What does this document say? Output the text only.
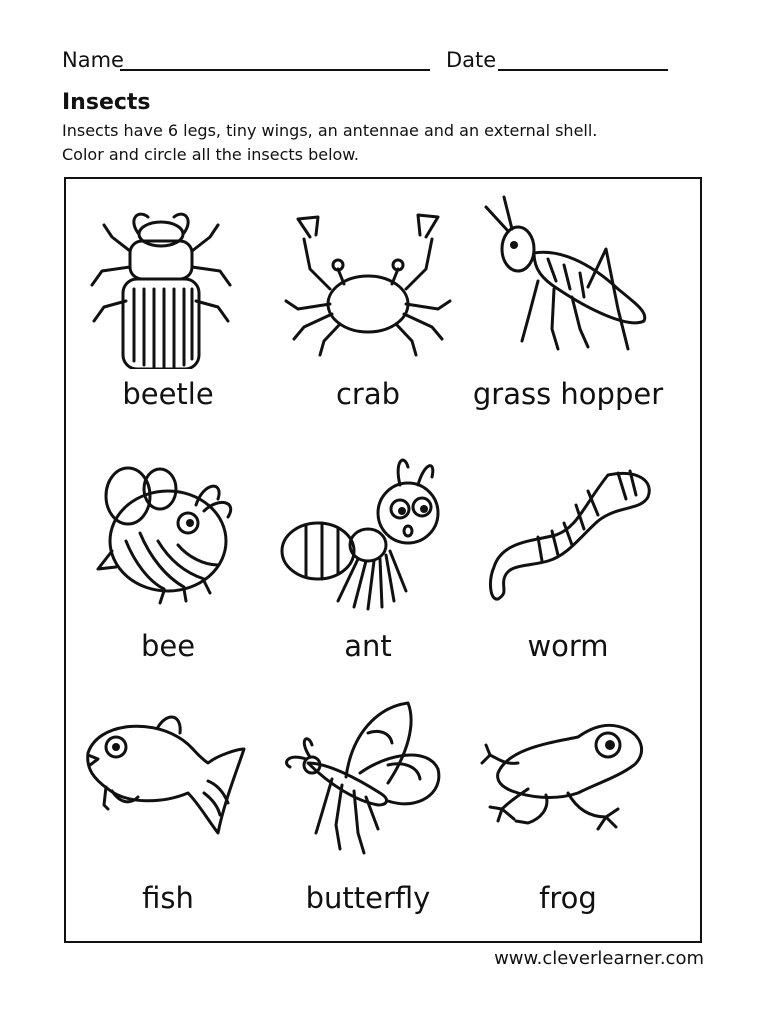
Name	Date
Insects
Insects have 6 legs, tiny wings, an antennae and an external shell.
Color and circle all the insects below.
beetle	crab	grass hopper
bee	ant	worm
fish	butterfly	frog
www.cleverlearner.com
